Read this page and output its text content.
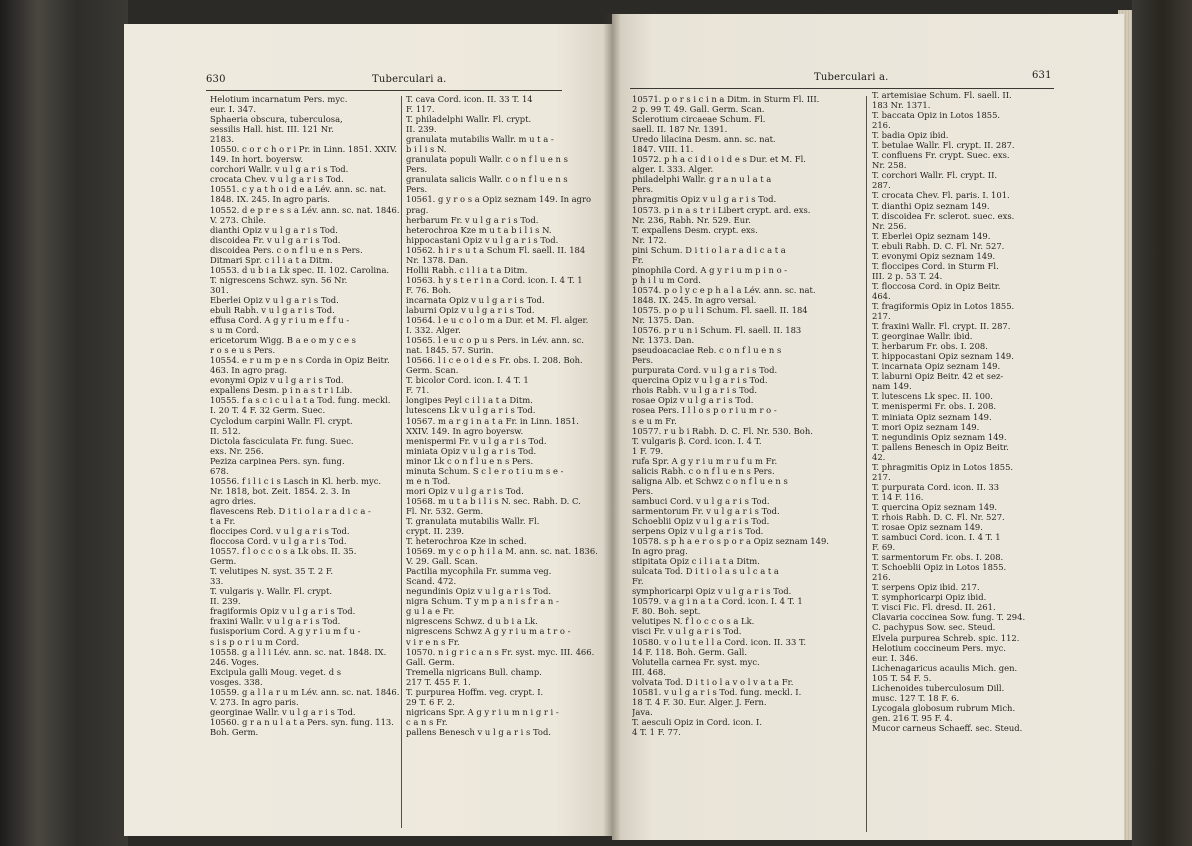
630	Tuberculari a.
Helotium incarnatum Pers. myc.
eur. I. 347.
Sphaeria obscura, tuberculosa,
sessilis Hall. hist. III. 121 Nr.
2183.
10550. c o r c h o r i Pr. in Linn. 1851. XXIV.
149. In hort. boyersw.
corchori Wallr. v u l g a r i s Tod.
crocata Chev. v u l g a r i s Tod.
10551. c y a t h o i d e a Lév. ann. sc. nat.
1848. IX. 245. In agro paris.
10552. d e p r e s s a Lév. ann. sc. nat. 1846.
V. 273. Chile.
dianthi Opiz v u l g a r i s Tod.
discoidea Fr. v u l g a r i s Tod.
discoidea Pers. c o n f l u e n s Pers.
Ditmari Spr. c i l i a t a Ditm.
10553. d u b i a Lk spec. II. 102. Carolina.
T. nigrescens Schwz. syn. 56 Nr.
301.
Eberlei Opiz v u l g a r i s Tod.
ebuli Rabh. v u l g a r i s Tod.
effusa Cord. A g y r i u m e f f u -
s u m Cord.
ericetorum Wigg. B a e o m y c e s
r o s e u s Pers.
10554. e r u m p e n s Corda in Opiz Beitr.
463. In agro prag.
evonymi Opiz v u l g a r i s Tod.
expallens Desm. p i n a s t r i Lib.
10555. f a s c i c u l a t a Tod. fung. meckl.
I. 20 T. 4 F. 32 Germ. Suec.
Cyclodum carpini Wallr. Fl. crypt.
II. 512.
Dictola fasciculata Fr. fung. Suec.
exs. Nr. 256.
Peziza carpinea Pers. syn. fung.
678.
10556. f i l i c i s Lasch in Kl. herb. myc.
Nr. 1818, bot. Zeit. 1854. 2. 3. In
agro dries.
flavescens Reb. D i t i o l a r a d i c a -
t a Fr.
floccipes Cord. v u l g a r i s Tod.
floccosa Cord. v u l g a r i s Tod.
10557. f l o c c o s a Lk obs. II. 35.
Germ.
T. velutipes N. syst. 35 T. 2 F.
33.
T. vulgaris γ. Wallr. Fl. crypt.
II. 239.
fragiformis Opiz v u l g a r i s Tod.
fraxini Wallr. v u l g a r i s Tod.
fusisporium Cord. A g y r i u m f u -
s i s p o r i u m Cord.
10558. g a l l i Lév. ann. sc. nat. 1848. IX.
246. Voges.
Excipula galli Moug. veget. d s
vosges. 338.
10559. g a l l a r u m Lév. ann. sc. nat. 1846.
V. 273. In agro paris.
georginae Wallr. v u l g a r i s Tod.
10560. g r a n u l a t a Pers. syn. fung. 113.
Boh. Germ.
T. cava Cord. icon. II. 33 T. 14
F. 117.
T. philadelphi Wallr. Fl. crypt.
II. 239.
granulata mutabilis Wallr. m u t a -
b i l i s N.
granulata populi Wallr. c o n f l u e n s
Pers.
granulata salicis Wallr. c o n f l u e n s
Pers.
10561. g y r o s a Opiz seznam 149. In agro
prag.
herbarum Fr. v u l g a r i s Tod.
heterochroa Kze m u t a b i l i s N.
hippocastani Opiz v u l g a r i s Tod.
10562. h i r s u t a Schum Fl. saell. II. 184
Nr. 1378. Dan.
Hollii Rabh. c i l i a t a Ditm.
10563. h y s t e r i n a Cord. icon. I. 4 T. 1
F. 76. Boh.
incarnata Opiz v u l g a r i s Tod.
laburni Opiz v u l g a r i s Tod.
10564. l e u c o l o m a Dur. et M. Fl. alger.
I. 332. Alger.
10565. l e u c o p u s Pers. in Lév. ann. sc.
nat. 1845. 57. Surin.
10566. l i c e o i d e s Fr. obs. I. 208. Boh.
Germ. Scan.
T. bicolor Cord. icon. I. 4 T. 1
F. 71.
longipes Peyl c i l i a t a Ditm.
lutescens Lk v u l g a r i s Tod.
10567. m a r g i n a t a Fr. in Linn. 1851.
XXIV. 149. In agro boyersw.
menispermi Fr. v u l g a r i s Tod.
miniata Opiz v u l g a r i s Tod.
minor Lk c o n f l u e n s Pers.
minuta Schum. S c l e r o t i u m s e -
m e n Tod.
mori Opiz v u l g a r i s Tod.
10568. m u t a b i l i s N. sec. Rabh. D. C.
Fl. Nr. 532. Germ.
T. granulata mutabilis Wallr. Fl.
crypt. II. 239.
T. heterochroa Kze in sched.
10569. m y c o p h i l a M. ann. sc. nat. 1836.
V. 29. Gall. Scan.
Pactilia mycophila Fr. summa veg.
Scand. 472.
negundinis Opiz v u l g a r i s Tod.
nigra Schum. T y m p a n i s f r a n -
g u l a e Fr.
nigrescens Schwz. d u b i a Lk.
nigrescens Schwz A g y r i u m a t r o -
v i r e n s Fr.
10570. n i g r i c a n s Fr. syst. myc. III. 466.
Gall. Germ.
Tremella nigricans Bull. champ.
217 T. 455 F. 1.
T. purpurea Hoffm. veg. crypt. I.
29 T. 6 F. 2.
nigricans Spr. A g y r i u m n i g r i -
c a n s Fr.
pallens Benesch v u l g a r i s Tod.
Tuberculari a.	631
10571. p o r s i c i n a Ditm. in Sturm Fl. III.
2 p. 99 T. 49. Gall. Germ. Scan.
Sclerotium circaeae Schum. Fl.
saell. II. 187 Nr. 1391.
Uredo lilacina Desm. ann. sc. nat.
1847. VIII. 11.
10572. p h a c i d i o i d e s Dur. et M. Fl.
alger. I. 333. Alger.
philadelphi Wallr. g r a n u l a t a
Pers.
phragmitis Opiz v u l g a r i s Tod.
10573. p i n a s t r i Libert crypt. ard. exs.
Nr. 236, Rabh. Nr. 529. Eur.
T. expallens Desm. crypt. exs.
Nr. 172.
pini Schum. D i t i o l a r a d i c a t a
Fr.
pinophila Cord. A g y r i u m p i n o -
p h i l u m Cord.
10574. p o l y c e p h a l a Lév. ann. sc. nat.
1848. IX. 245. In agro versal.
10575. p o p u l i Schum. Fl. saell. II. 184
Nr. 1375. Dan.
10576. p r u n i Schum. Fl. saell. II. 183
Nr. 1373. Dan.
pseudoacaciae Reb. c o n f l u e n s
Pers.
purpurata Cord. v u l g a r i s Tod.
quercina Opiz v u l g a r i s Tod.
rhois Rabh. v u l g a r i s Tod.
rosae Opiz v u l g a r i s Tod.
rosea Pers. I l l o s p o r i u m r o -
s e u m Fr.
10577. r u b i Rabh. D. C. Fl. Nr. 530. Boh.
T. vulgaris β. Cord. icon. I. 4 T.
1 F. 79.
rufa Spr. A g y r i u m r u f u m Fr.
salicis Rabh. c o n f l u e n s Pers.
saligna Alb. et Schwz c o n f l u e n s
Pers.
sambuci Cord. v u l g a r i s Tod.
sarmentorum Fr. v u l g a r i s Tod.
Schoeblii Opiz v u l g a r i s Tod.
serpens Opiz v u l g a r i s Tod.
10578. s p h a e r o s p o r a Opiz seznam 149.
In agro prag.
stipitata Opiz c i l i a t a Ditm.
sulcata Tod. D i t i o l a s u l c a t a
Fr.
symphoricarpi Opiz v u l g a r i s Tod.
10579. v a g i n a t a Cord. icon. I. 4 T. 1
F. 80. Boh. sept.
velutipes N. f l o c c o s a Lk.
visci Fr. v u l g a r i s Tod.
10580. v o l u t e l l a Cord. icon. II. 33 T.
14 F. 118. Boh. Germ. Gall.
Volutella carnea Fr. syst. myc.
III. 468.
volvata Tod. D i t i o l a v o l v a t a Fr.
10581. v u l g a r i s Tod. fung. meckl. I.
18 T. 4 F. 30. Eur. Alger. J. Fern.
Java.
T. aesculi Opiz in Cord. icon. I.
4 T. 1 F. 77.
T. artemisiae Schum. Fl. saell. II.
183 Nr. 1371.
T. baccata Opiz in Lotos 1855.
216.
T. badia Opiz ibid.
T. betulae Wallr. Fl. crypt. II. 287.
T. confluens Fr. crypt. Suec. exs.
Nr. 258.
T. corchori Wallr. Fl. crypt. II.
287.
T. crocata Chev. Fl. paris. I. 101.
T. dianthi Opiz seznam 149.
T. discoidea Fr. sclerot. suec. exs.
Nr. 256.
T. Eberlei Opiz seznam 149.
T. ebuli Rabh. D. C. Fl. Nr. 527.
T. evonymi Opiz seznam 149.
T. floccipes Cord. in Sturm Fl.
III. 2 p. 53 T. 24.
T. floccosa Cord. in Opiz Beitr.
464.
T. fragiformis Opiz in Lotos 1855.
217.
T. fraxini Wallr. Fl. crypt. II. 287.
T. georginae Wallr. ibid.
T. herbarum Fr. obs. I. 208.
T. hippocastani Opiz seznam 149.
T. incarnata Opiz seznam 149.
T. laburni Opiz Beitr. 42 et sez-
nam 149.
T. lutescens Lk spec. II. 100.
T. menispermi Fr. obs. I. 208.
T. miniata Opiz seznam 149.
T. mori Opiz seznam 149.
T. negundinis Opiz seznam 149.
T. pallens Benesch in Opiz Beitr.
42.
T. phragmitis Opiz in Lotos 1855.
217.
T. purpurata Cord. icon. II. 33
T. 14 F. 116.
T. quercina Opiz seznam 149.
T. rhois Rabh. D. C. Fl. Nr. 527.
T. rosae Opiz seznam 149.
T. sambuci Cord. icon. I. 4 T. 1
F. 69.
T. sarmentorum Fr. obs. I. 208.
T. Schoeblii Opiz in Lotos 1855.
216.
T. serpens Opiz ibid. 217.
T. symphoricarpi Opiz ibid.
T. visci Fic. Fl. dresd. II. 261.
Clavaria coccinea Sow. fung. T. 294.
C. pachypus Sow. sec. Steud.
Elvela purpurea Schreb. spic. 112.
Helotium coccineum Pers. myc.
eur. I. 346.
Lichenagaricus acaulis Mich. gen.
105 T. 54 F. 5.
Lichenoides tuberculosum Dill.
musc. 127 T. 18 F. 6.
Lycogala globosum rubrum Mich.
gen. 216 T. 95 F. 4.
Mucor carneus Schaeff. sec. Steud.
